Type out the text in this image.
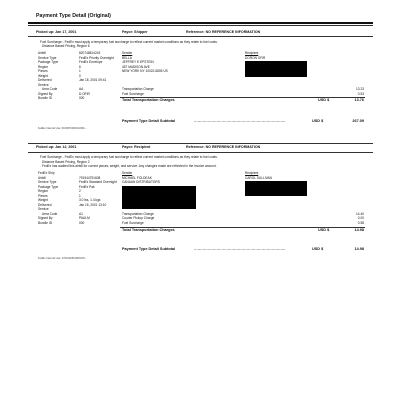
Payment Type Detail (Original)
Picked up: Jan 17, 2001	Payor: Shipper	Reference: NO REFERENCE INFORMATION
Fuel Surcharge - FedEx must apply a temporary fuel surcharge to reflect current market conditions as they relate to fuel costs.
Distance Based Pricing, Region 6
Airbill	820748814243
Service Type	FedEx Priority Overnight
Package Type	FedEx Envelope
Region	6
Pieces	1
Weight	0
Delivered	Jan 18, 2001 09:41
Service
Area Code	AA
Signed By	D.OFIR
Bundle ID	000
Sender
BELLA
JEFFREY E EPSTEIN
457 MADISON AVE
NEW YORK NY 10022-6805 US
Recipient
DORON OFIR
Transportation Charge	13.23
Fuel Surcharge	0.53
Total Transportation Charges	USD $	13.76
Payment Type Detail Subtotal	.........................................................................	USD $	267.09
FedEx Internal Use: 0160970400013491...
Picked up: Jan 12, 2001	Payor: Recipient	Reference: NO REFERENCE INFORMATION
Fuel Surcharge - FedEx must apply a temporary fuel surcharge to reflect current market conditions as they relate to fuel costs.
Distance Based Pricing, Region 2
FedEx has audited this airbill for correct pieces, weight, and service. Any changes made are reflected in the invoice amount.
FedEx Ship
Airbill	791944791608
Service Type	FedEx Standard Overnight
Package Type	FedEx Pak
Region	2
Pieces	1
Weight	3.0 lbs, 1.4 kgs
Delivered	Jan 15, 2001 13:10
Service
Area Code	A1
Signed By	PAULM
Bundle ID	000
Sender
MICHAEL FOLDEAK
CANAAN DISTRIBUTORS
Recipient
CAROL SULLIVAN
Transportation Charge	14.40
Courier Pickup Charge	0.00
Fuel Surcharge	0.58
Total Transportation Charges	USD $	14.98
Payment Type Detail Subtotal	.........................................................................	USD $	14.98
FedEx Internal Use: 4701630501900470...
